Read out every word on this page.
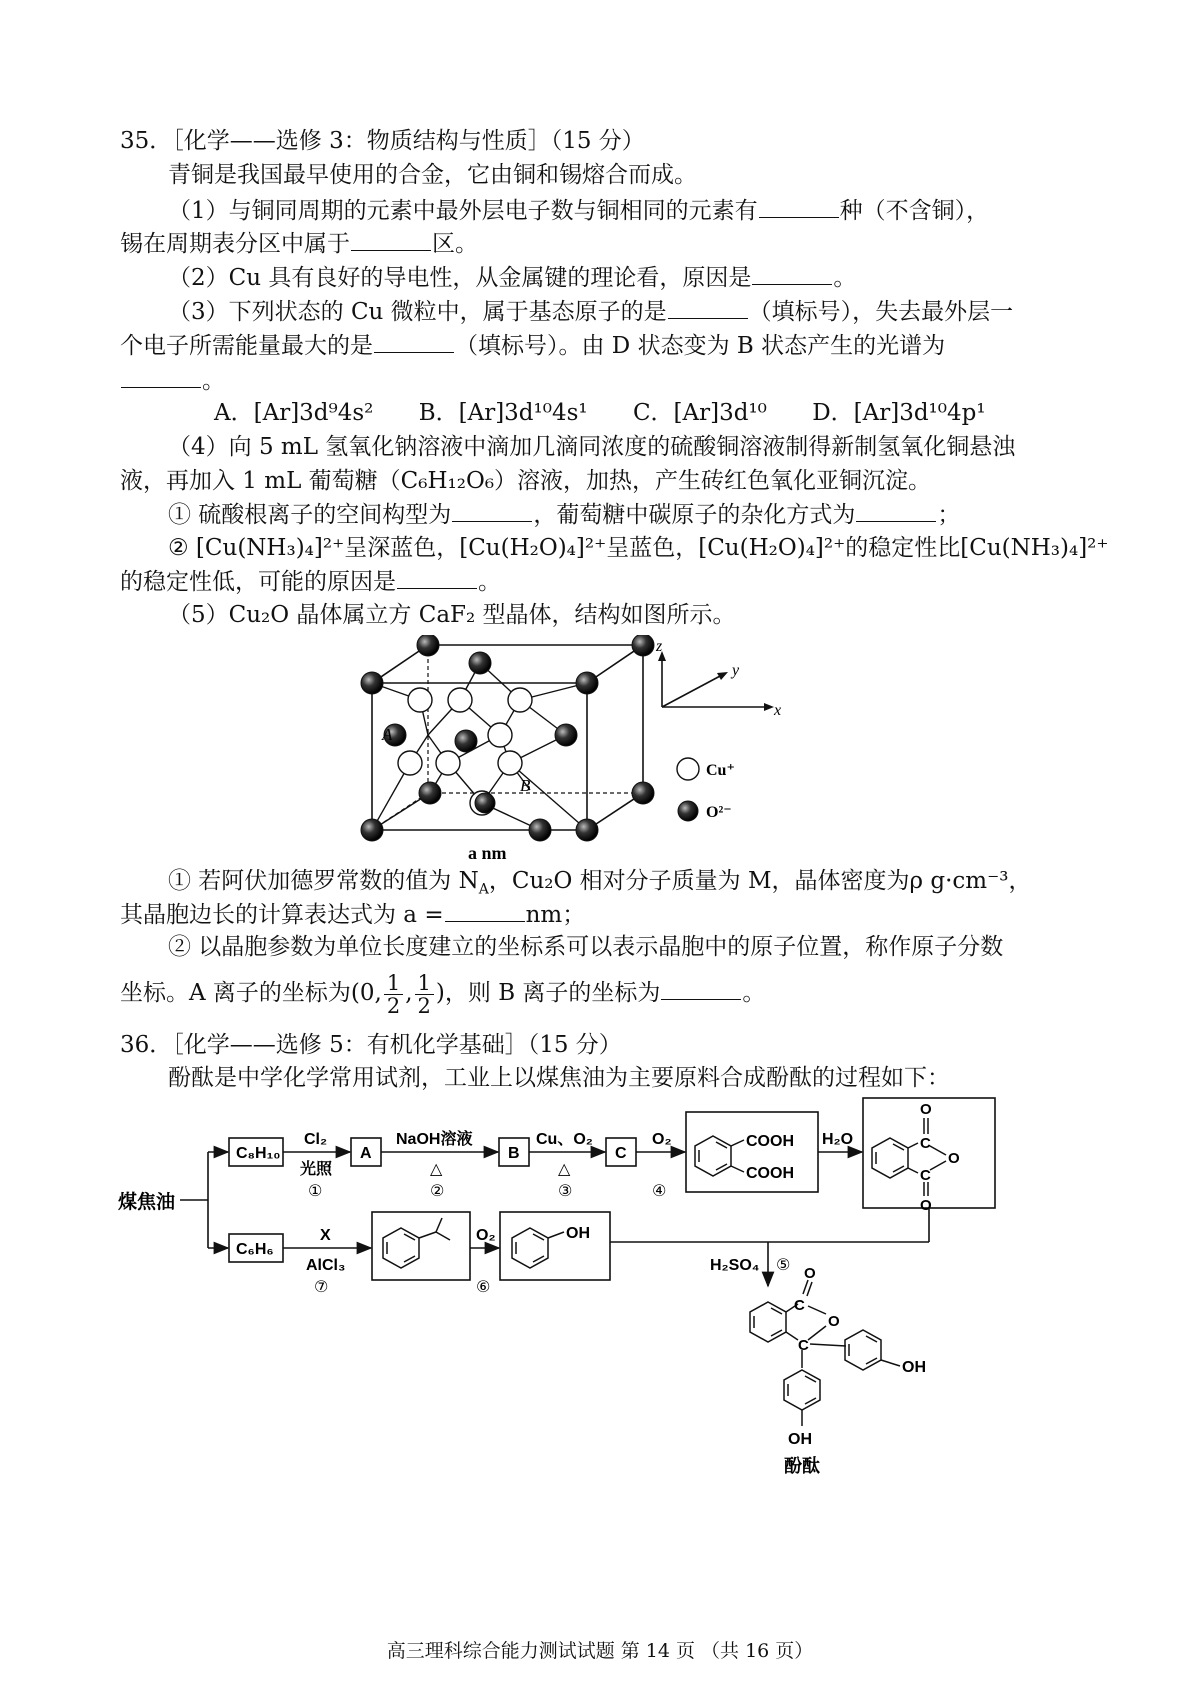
35．［化学——选修 3：物质结构与性质］（15 分）
青铜是我国最早使用的合金，它由铜和锡熔合而成。
（1）与铜同周期的元素中最外层电子数与铜相同的元素有	种（不含铜），
锡在周期表分区中属于	区。
（2）Cu 具有良好的导电性，从金属键的理论看，原因是	。
（3）下列状态的 Cu 微粒中，属于基态原子的是	（填标号），失去最外层一
个电子所需能量最大的是	（填标号）。由 D 状态变为 B 状态产生的光谱为
。
A．[Ar]3d⁹4s² B．[Ar]3d¹⁰4s¹ C．[Ar]3d¹⁰ D．[Ar]3d¹⁰4p¹
（4）向 5 mL 氢氧化钠溶液中滴加几滴同浓度的硫酸铜溶液制得新制氢氧化铜悬浊
液，再加入 1 mL 葡萄糖（C₆H₁₂O₆）溶液，加热，产生砖红色氧化亚铜沉淀。
① 硫酸根离子的空间构型为	，葡萄糖中碳原子的杂化方式为	；
② [Cu(NH₃)₄]²⁺呈深蓝色，[Cu(H₂O)₄]²⁺呈蓝色，[Cu(H₂O)₄]²⁺的稳定性比[Cu(NH₃)₄]²⁺
的稳定性低，可能的原因是	。
（5）Cu₂O 晶体属立方 CaF₂ 型晶体，结构如图所示。
A
B
a nm
z
y
x
Cu⁺
O²⁻
① 若阿伏加德罗常数的值为 $N_A$，Cu₂O 相对分子质量为 M，晶体密度为ρ g·cm⁻³，
其晶胞边长的计算表达式为 a =	nm；
② 以晶胞参数为单位长度建立的坐标系可以表示晶胞中的原子位置，称作原子分数
坐标。A 离子的坐标为(0, $\frac{1}{2}$ , $\frac{1}{2}$ )，则 B 离子的坐标为	。
36．［化学——选修 5：有机化学基础］（15 分）
酚酞是中学化学常用试剂，工业上以煤焦油为主要原料合成酚酞的过程如下：
煤焦油
C₈H₁₀
Cl₂
光照
①
A
NaOH溶液
△
②
B
Cu、O₂
△
③
C
O₂
④
COOH
COOH
H₂O	C
C
O
O
O
C₆H₆
X
AlCl₃
⑦
O₂
⑥
OH
H₂SO₄ ⑤
C
O
O
C
OH
OH
酚酞
高三理科综合能力测试试题 第 14 页 （共 16 页）
